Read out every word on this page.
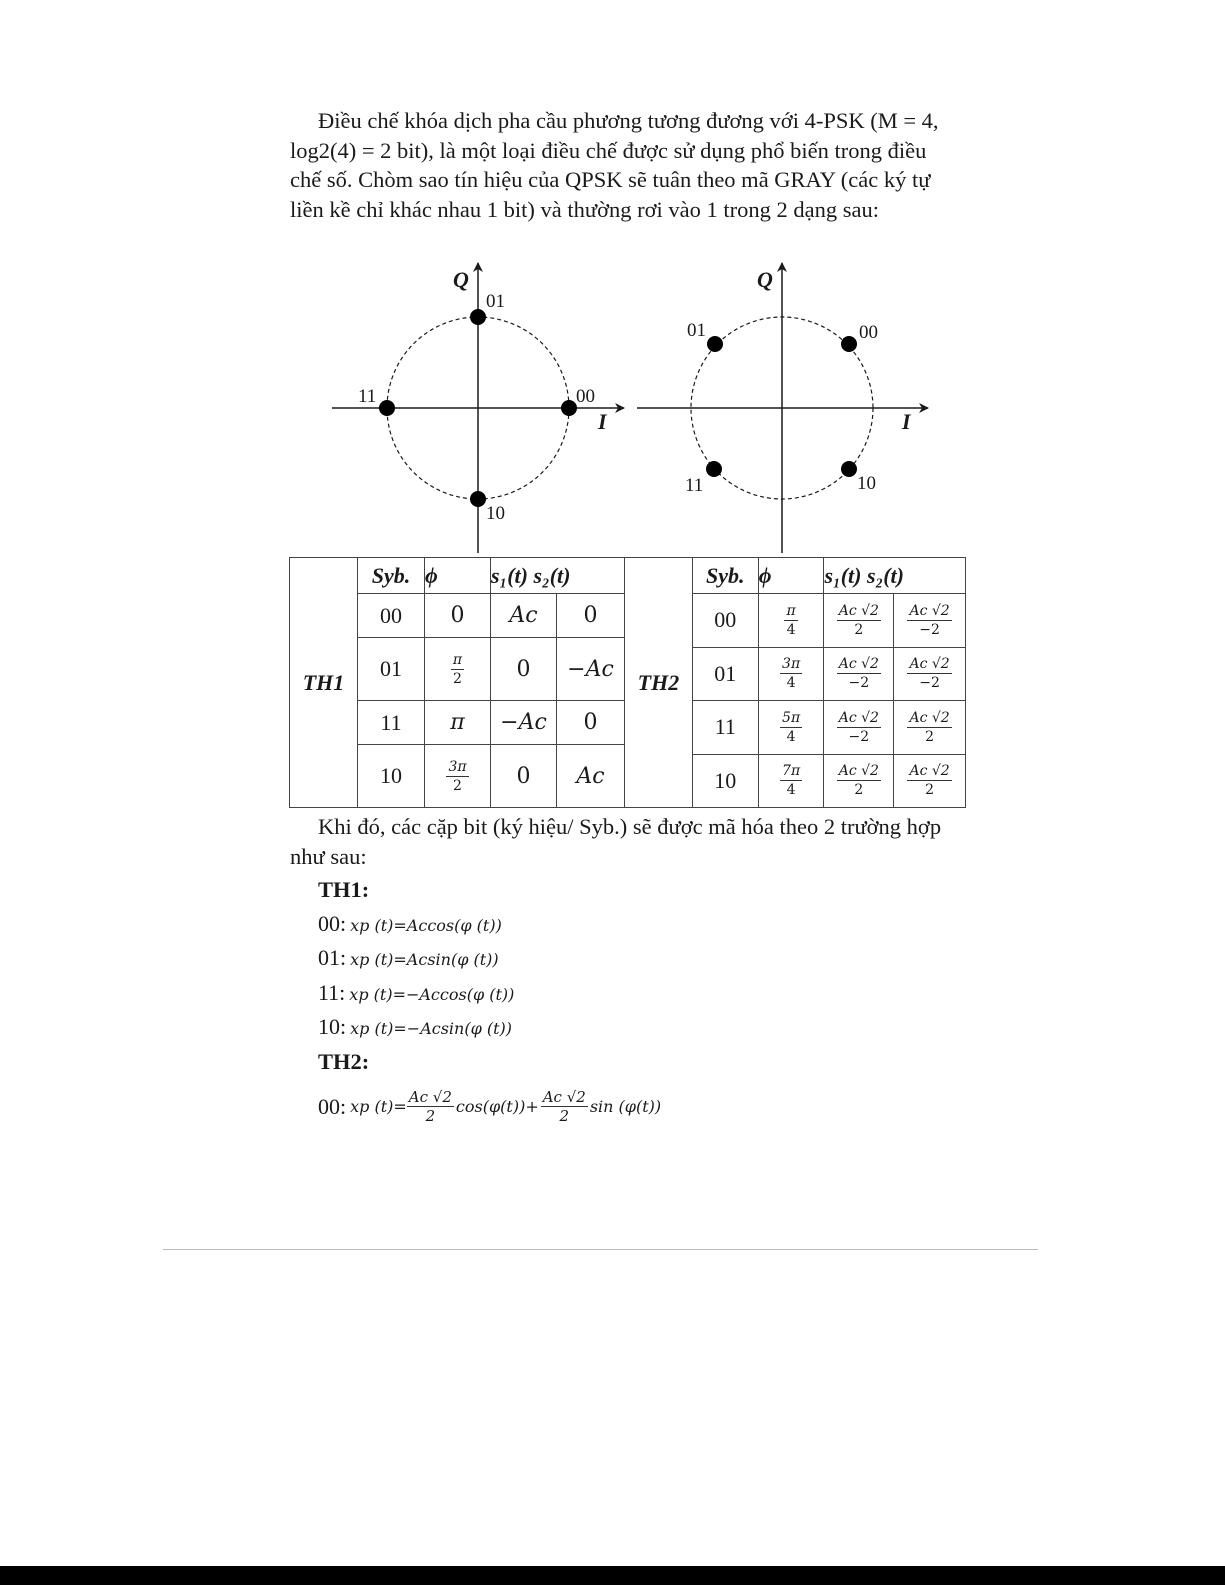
Điều chế khóa dịch pha cầu phương tương đương với 4-PSK (M = 4, log2(4) = 2 bit), là một loại điều chế được sử dụng phổ biến trong điều chế số. Chòm sao tín hiệu của QPSK sẽ tuân theo mã GRAY (các ký tự liền kề chỉ khác nhau 1 bit) và thường rơi vào 1 trong 2 dạng sau:

Q
I
01
00
11
10
Q
I
00
01
11	10
TH1	Syb.	ϕ	s₁(t) s₂(t)	
	00	0	Ac	0
	01	$\frac{\pi}{2}$	0	−Ac
	11	π	−Ac	0
	10	$\frac{3\pi}{2}$	0	Ac
TH2	Syb.	ϕ	s₁(t) s₂(t)	
	00	$\frac{\pi}{4}$	$\frac{Ac √2}{2}$	$\frac{Ac √2}{-2}$

	01	$\frac{3\pi}{4}$	$\frac{Ac √2}{-2}$	$\frac{Ac √2}{-2}$

	11	$\frac{5\pi}{4}$	$\frac{Ac √2}{-2}$	$\frac{Ac √2}{2}$

	10	$\frac{7\pi}{4}$	$\frac{Ac √2}{2}$	$\frac{Ac √2}{2}$

Khi đó, các cặp bit (ký hiệu/ Syb.) sẽ được mã hóa theo 2 trường hợp như sau:

TH1:
00: xp (t)=Accos(φ (t))
01: xp (t)=Acsin(φ (t))
11: xp (t)=−Accos(φ (t))
10: xp (t)=−Acsin(φ (t))
TH2:
00: xp $(t)= \frac{Ac √2}{2} \cos(\varphi(t))+ \frac{Ac √2}{2}$ sin (φ(t))
